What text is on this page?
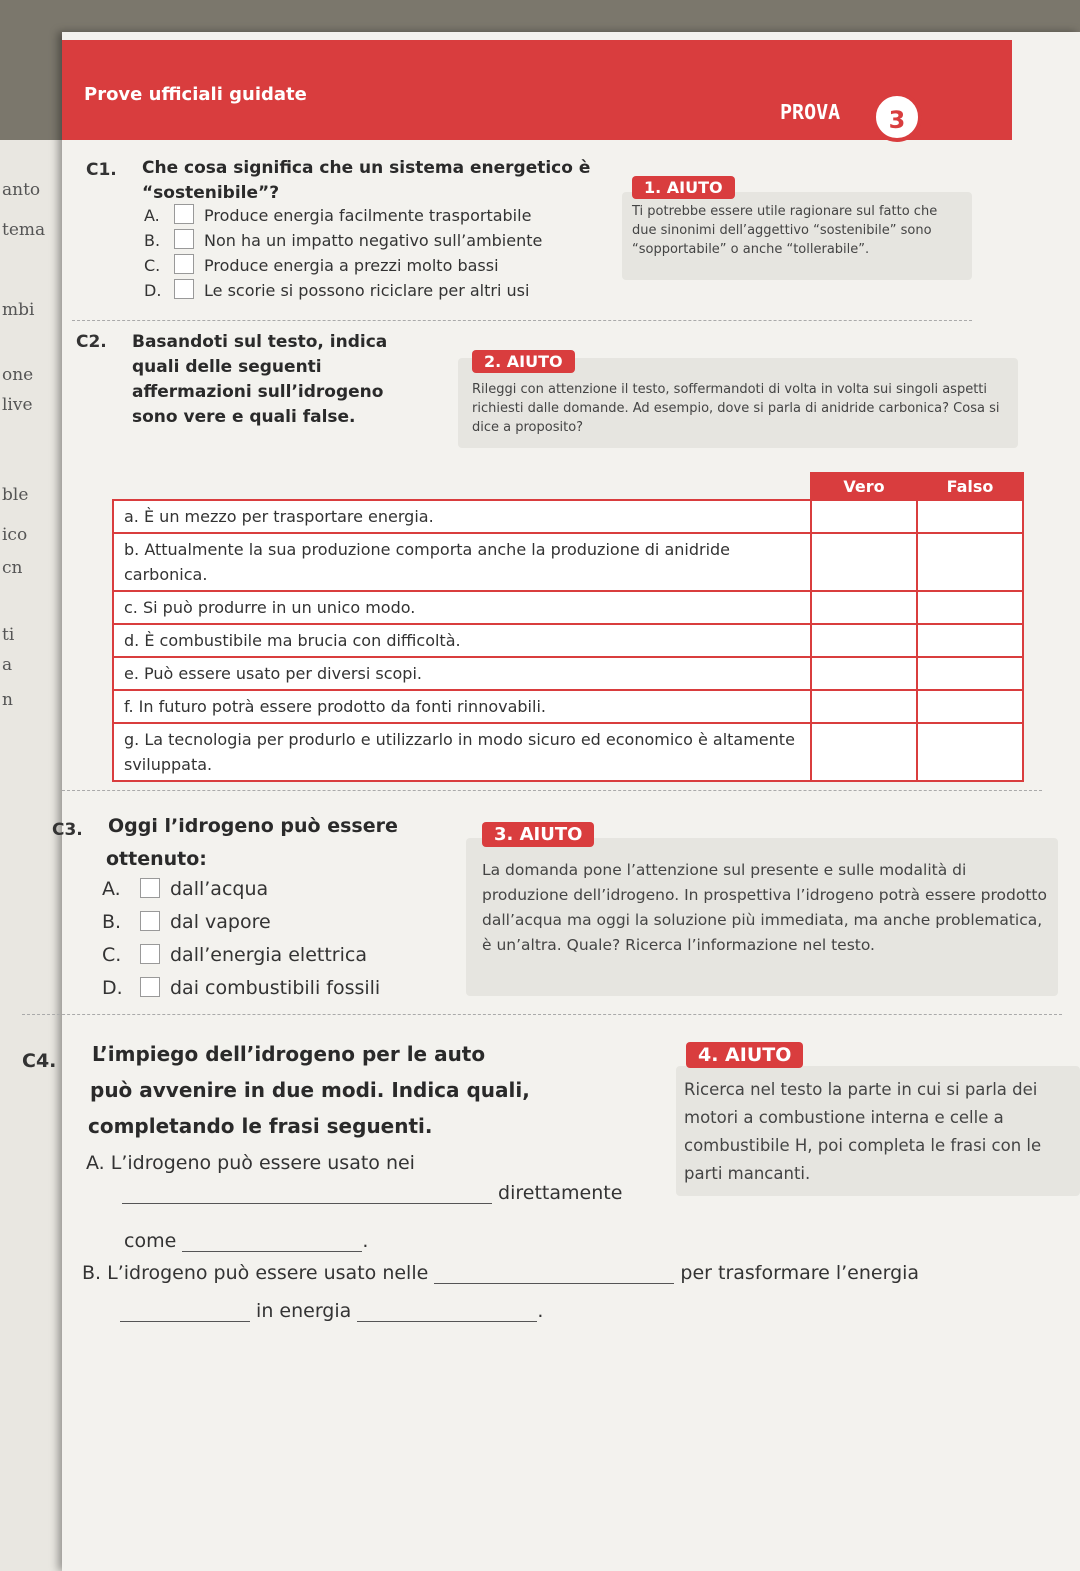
anto
tema
mbi
one
live
ble
ico
cn
ti
a
n
Prove ufficiali guidate
PROVA	3
C1. Che cosa significa che un sistema energetico è “sostenibile”?
A.	Produce energia facilmente trasportabile
B.	Non ha un impatto negativo sull’ambiente
C.	Produce energia a prezzi molto bassi
D.	Le scorie si possono riciclare per altri usi
1. AIUTO
Ti potrebbe essere utile ragionare sul fatto che due sinonimi dell’aggettivo “sostenibile” sono “sopportabile” o anche “tollerabile”.
C2. Basandoti sul testo, indica quali delle seguenti affermazioni sull’idrogeno sono vere e quali false.
2. AIUTO
Rileggi con attenzione il testo, soffermandoti di volta in volta sui singoli aspetti richiesti dalle domande. Ad esempio, dove si parla di anidride carbonica? Cosa si dice a proposito?
	Vero	Falso
a. È un mezzo per trasportare energia.		
b. Attualmente la sua produzione comporta anche la produzione di anidride carbonica.		
c. Si può produrre in un unico modo.		
d. È combustibile ma brucia con difficoltà.		
e. Può essere usato per diversi scopi.		
f. In futuro potrà essere prodotto da fonti rinnovabili.		
g. La tecnologia per produrlo e utilizzarlo in modo sicuro ed economico è altamente sviluppata.		
C3. Oggi l’idrogeno può essere
ottenuto:
A.	dall’acqua
B.	dal vapore
C.	dall’energia elettrica
D. dai combustibili fossili
3. AIUTO
La domanda pone l’attenzione sul presente e sulle modalità di produzione dell’idrogeno. In prospettiva l’idrogeno potrà essere prodotto dall’acqua ma oggi la soluzione più immediata, ma anche problematica, è un’altra. Quale? Ricerca l’informazione nel testo.
C4. L’impiego dell’idrogeno per le auto
può avvenire in due modi. Indica quali,
completando le frasi seguenti.
A. L’idrogeno può essere usato nei
direttamente
come	.
B. L’idrogeno può essere usato nelle	per trasformare l’energia
in energia	.
4. AIUTO
Ricerca nel testo la parte in cui si parla dei motori a combustione interna e celle a combustibile H, poi completa le frasi con le parti mancanti.
